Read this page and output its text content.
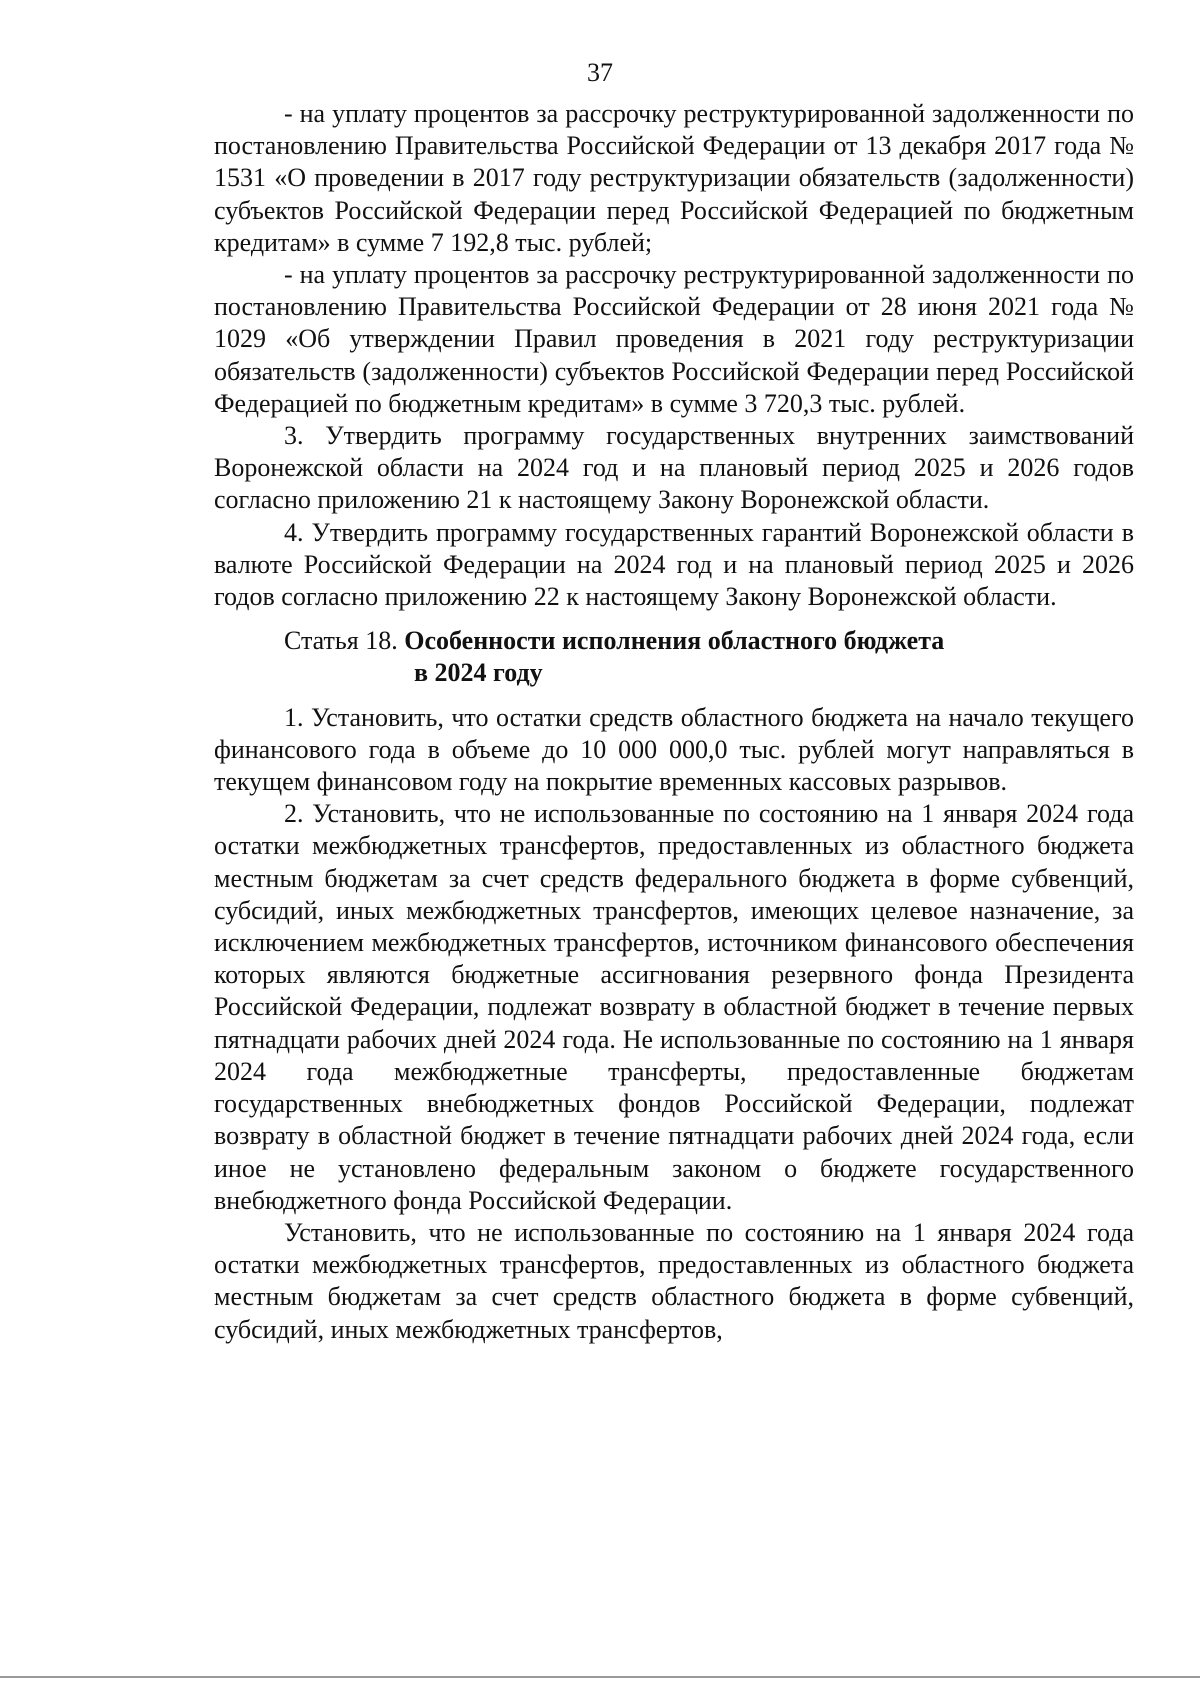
37

- на уплату процентов за рассрочку реструктурированной задолженности по постановлению Правительства Российской Федерации от 13 декабря 2017 года № 1531 «О проведении в 2017 году реструктуризации обязательств (задолженности) субъектов Российской Федерации перед Российской Федерацией по бюджетным кредитам» в сумме 7 192,8 тыс. рублей;

- на уплату процентов за рассрочку реструктурированной задолженности по постановлению Правительства Российской Федерации от 28 июня 2021 года № 1029 «Об утверждении Правил проведения в 2021 году реструктуризации обязательств (задолженности) субъектов Российской Федерации перед Российской Федерацией по бюджетным кредитам» в сумме 3 720,3 тыс. рублей.

3. Утвердить программу государственных внутренних заимствований Воронежской области на 2024 год и на плановый период 2025 и 2026 годов согласно приложению 21 к настоящему Закону Воронежской области.

4. Утвердить программу государственных гарантий Воронежской области в валюте Российской Федерации на 2024 год и на плановый период 2025 и 2026 годов согласно приложению 22 к настоящему Закону Воронежской области.

Статья 18. Особенности исполнения областного бюджета
в 2024 году

1. Установить, что остатки средств областного бюджета на начало текущего финансового года в объеме до 10 000 000,0 тыс. рублей могут направляться в текущем финансовом году на покрытие временных кассовых разрывов.

2. Установить, что не использованные по состоянию на 1 января 2024 года остатки межбюджетных трансфертов, предоставленных из областного бюджета местным бюджетам за счет средств федерального бюджета в форме субвенций, субсидий, иных межбюджетных трансфертов, имеющих целевое назначение, за исключением межбюджетных трансфертов, источником финансового обеспечения которых являются бюджетные ассигнования резервного фонда Президента Российской Федерации, подлежат возврату в областной бюджет в течение первых пятнадцати рабочих дней 2024 года. Не использованные по состоянию на 1 января 2024 года межбюджетные трансферты, предоставленные бюджетам государственных внебюджетных фондов Российской Федерации, подлежат возврату в областной бюджет в течение пятнадцати рабочих дней 2024 года, если иное не установлено федеральным законом о бюджете государственного внебюджетного фонда Российской Федерации.

Установить, что не использованные по состоянию на 1 января 2024 года остатки межбюджетных трансфертов, предоставленных из областного бюджета местным бюджетам за счет средств областного бюджета в форме субвенций, субсидий, иных межбюджетных трансфертов,
